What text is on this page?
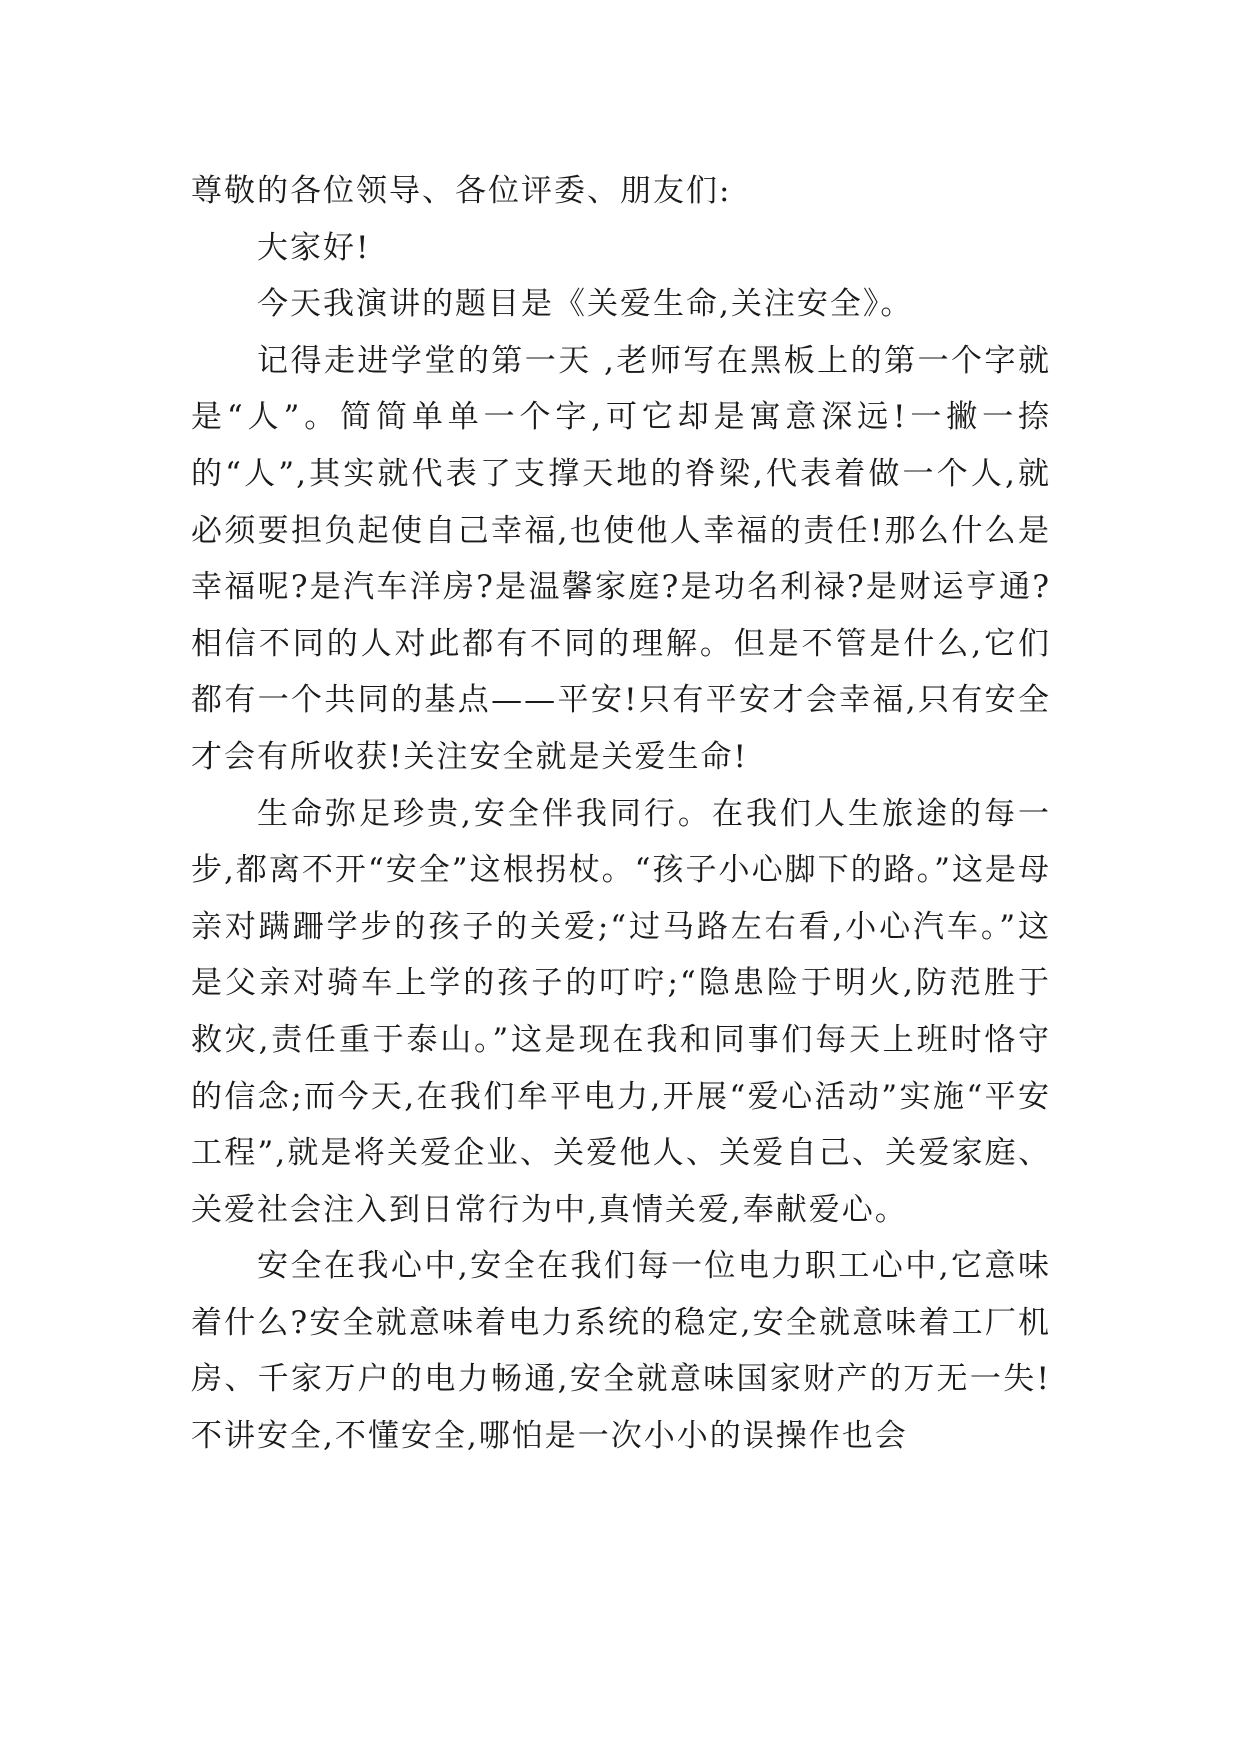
尊敬的各位领导、各位评委、朋友们:

大家好!

今天我演讲的题目是《关爱生命,关注安全》。

记得走进学堂的第一天 ,老师写在黑板上的第一个字就是“人”。简简单单一个字,可它却是寓意深远!一撇一捺的“人”,其实就代表了支撑天地的脊梁,代表着做一个人,就必须要担负起使自己幸福,也使他人幸福的责任!那么什么是幸福呢?是汽车洋房?是温馨家庭?是功名利禄?是财运亨通?相信不同的人对此都有不同的理解。但是不管是什么,它们都有一个共同的基点——平安!只有平安才会幸福,只有安全才会有所收获!关注安全就是关爱生命!

生命弥足珍贵,安全伴我同行。在我们人生旅途的每一步,都离不开“安全”这根拐杖。“孩子小心脚下的路。”这是母亲对蹒跚学步的孩子的关爱;“过马路左右看,小心汽车。”这是父亲对骑车上学的孩子的叮咛;“隐患险于明火,防范胜于救灾,责任重于泰山。”这是现在我和同事们每天上班时恪守的信念;而今天,在我们牟平电力,开展“爱心活动”实施“平安工程”,就是将关爱企业、关爱他人、关爱自己、关爱家庭、关爱社会注入到日常行为中,真情关爱,奉献爱心。

安全在我心中,安全在我们每一位电力职工心中,它意味着什么?安全就意味着电力系统的稳定,安全就意味着工厂机房、千家万户的电力畅通,安全就意味国家财产的万无一失!不讲安全,不懂安全,哪怕是一次小小的误操作也会
